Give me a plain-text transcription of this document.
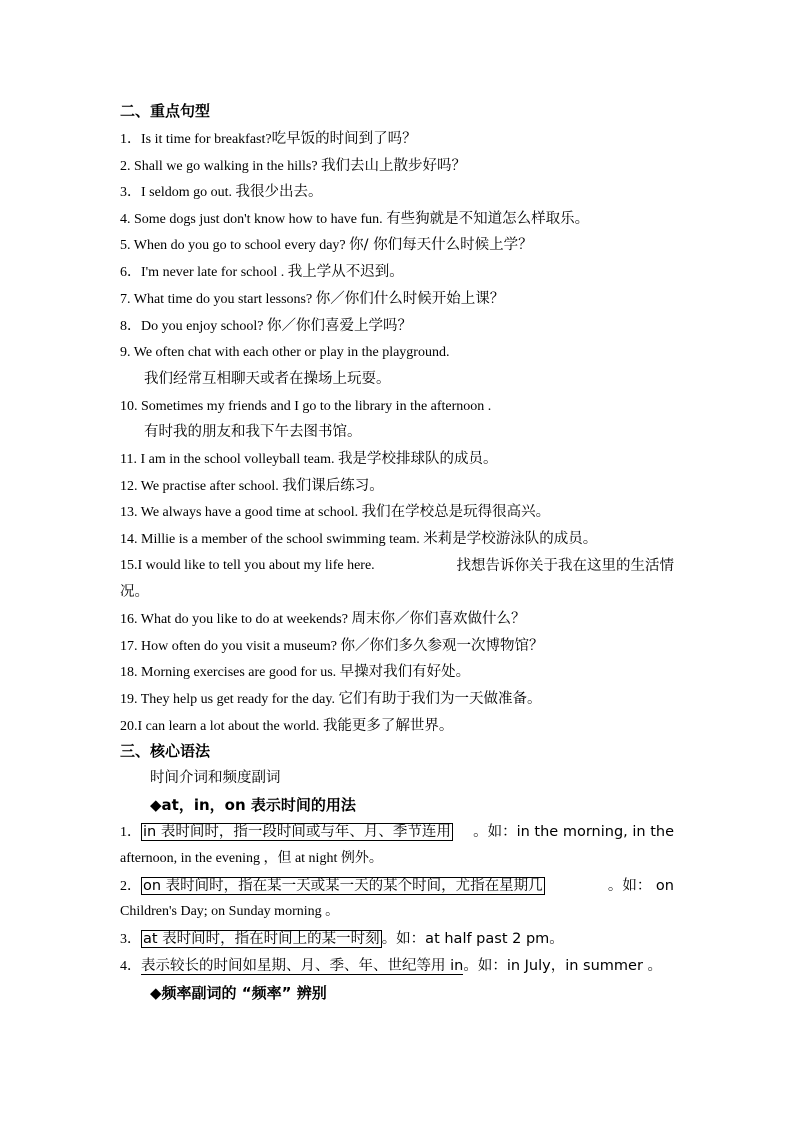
二、重点句型
1．Is it time for breakfast?吃早饭的时间到了吗？
2. Shall we go walking in the hills? 我们去山上散步好吗？
3．I seldom go out. 我很少出去。
4. Some dogs just don't know how to have fun. 有些狗就是不知道怎么样取乐。
5. When do you go to school every day? 你/ 你们每天什么时候上学？
6．I'm never late for school . 我上学从不迟到。
7. What time do you start lessons? 你／你们什么时候开始上课？
8．Do you enjoy school? 你／你们喜爱上学吗？
9. We often chat with each other or play in the playground.
我们经常互相聊天或者在操场上玩耍。
10. Sometimes my friends and I go to the library in the afternoon .
有时我的朋友和我下午去图书馆。
11. I am in the school volleyball team. 我是学校排球队的成员。
12. We practise after school. 我们课后练习。
13. We always have a good time at school. 我们在学校总是玩得很高兴。
14. Millie is a member of the school swimming team. 米莉是学校游泳队的成员。
15.I would like to tell you about my life here.	找想告诉你关于我在这里的生活情
况。
16. What do you like to do at weekends? 周末你／你们喜欢做什么？
17. How often do you visit a museum? 你／你们多久参观一次博物馆？
18. Morning exercises are good for us. 早操对我们有好处。
19. They help us get ready for the day. 它们有助于我们为一天做准备。
20.I can learn a lot about the world. 我能更多了解世界。
三、核心语法
时间介词和频度副词
◆at，in，on 表示时间的用法
1． in 表时间时，指一段时间或与年、月、季节连用 。如：in the morning, in the
afternoon, in the evening ，但 at night 例外。
2． on 表时间时，指在某一天或某一天的某个时间，尤指在星期几	。如： on
Children's Day; on Sunday morning 。
3． at 表时间时，指在时间上的某一时刻 。如：at half past 2 pm。
4．表示较长的时间如星期、月、季、年、世纪等用 in。如：in July，in summer 。
◆频率副词的 “频率” 辨别
